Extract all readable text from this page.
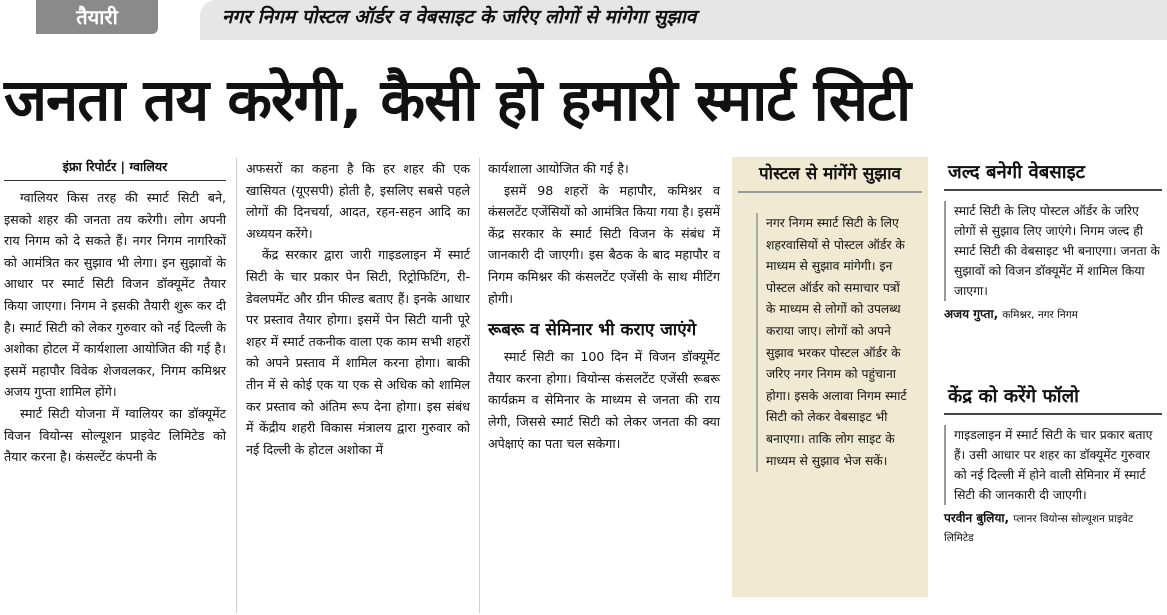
तैयारी	नगर निगम पोस्टल ऑर्डर व वेबसाइट के जरिए लोगों से मांगेगा सुझाव
जनता तय करेगी, कैसी हो हमारी स्मार्ट सिटी
इंफ्रा रिपोर्टर | ग्वालियर

ग्वालियर किस तरह की स्मार्ट सिटी बने, इसको शहर की जनता तय करेगी। लोग अपनी राय निगम को दे सकते हैं। नगर निगम नागरिकों को आमंत्रित कर सुझाव भी लेगा। इन सुझावों के आधार पर स्मार्ट सिटी विजन डॉक्यूमेंट तैयार किया जाएगा। निगम ने इसकी तैयारी शुरू कर दी है। स्मार्ट सिटी को लेकर गुरुवार को नई दिल्ली के अशोका होटल में कार्यशाला आयोजित की गई है। इसमें महापौर विवेक शेजवलकर, निगम कमिश्नर अजय गुप्ता शामिल होंगे।

स्मार्ट सिटी योजना में ग्वालियर का डॉक्यूमेंट विजन वियोन्स सोल्यूशन प्राइवेट लिमिटेड को तैयार करना है। कंसल्टेंट कंपनी के

अफसरों का कहना है कि हर शहर की एक खासियत (यूएसपी) होती है, इसलिए सबसे पहले लोगों की दिनचर्या, आदत, रहन-सहन आदि का अध्ययन करेंगे।

केंद्र सरकार द्वारा जारी गाइडलाइन में स्मार्ट सिटी के चार प्रकार पेन सिटी, रिट्रोफिटिंग, री-डेवलपमेंट और ग्रीन फील्ड बताए हैं। इनके आधार पर प्रस्ताव तैयार होगा। इसमें पेन सिटी यानी पूरे शहर में स्मार्ट तकनीक वाला एक काम सभी शहरों को अपने प्रस्ताव में शामिल करना होगा। बाकी तीन में से कोई एक या एक से अधिक को शामिल कर प्रस्ताव को अंतिम रूप देना होगा। इस संबंध में केंद्रीय शहरी विकास मंत्रालय द्वारा गुरुवार को नई दिल्ली के होटल अशोका में

कार्यशाला आयोजित की गई है।

इसमें 98 शहरों के महापौर, कमिश्नर व कंसलटेंट एजेंसियों को आमंत्रित किया गया है। इसमें केंद्र सरकार के स्मार्ट सिटी विजन के संबंध में जानकारी दी जाएगी। इस बैठक के बाद महापौर व निगम कमिश्नर की कंसलटेंट एजेंसी के साथ मीटिंग होगी।

रूबरू व सेमिनार भी कराए जाएंगे

स्मार्ट सिटी का 100 दिन में विजन डॉक्यूमेंट तैयार करना होगा। वियोन्स कंसलटेंट एजेंसी रूबरू कार्यक्रम व सेमिनार के माध्यम से जनता की राय लेगी, जिससे स्मार्ट सिटी को लेकर जनता की क्या अपेक्षाएं का पता चल सकेगा।

पोस्टल से मांगेंगे सुझाव
नगर निगम स्मार्ट सिटी के लिए शहरवासियों से पोस्टल ऑर्डर के माध्यम से सुझाव मांगेगी। इन पोस्टल ऑर्डर को समाचार पत्रों के माध्यम से लोगों को उपलब्ध कराया जाए। लोगों को अपने सुझाव भरकर पोस्टल ऑर्डर के जरिए नगर निगम को पहुंचाना होगा। इसके अलावा निगम स्मार्ट सिटी को लेकर वेबसाइट भी बनाएगा। ताकि लोग साइट के माध्यम से सुझाव भेज सकें।
जल्द बनेगी वेबसाइट
स्मार्ट सिटी के लिए पोस्टल ऑर्डर के जरिए लोगों से सुझाव लिए जाएंगे। निगम जल्द ही स्मार्ट सिटी की वेबसाइट भी बनाएगा। जनता के सुझावों को विजन डॉक्यूमेंट में शामिल किया जाएगा।
अजय गुप्ता, कमिश्नर, नगर निगम
केंद्र को करेंगे फॉलो
गाइडलाइन में स्मार्ट सिटी के चार प्रकार बताए हैं। उसी आधार पर शहर का डॉक्यूमेंट गुरुवार को नई दिल्ली में होने वाली सेमिनार में स्मार्ट सिटी की जानकारी दी जाएगी।
परवीन बुलिया, प्लानर वियोन्स सोल्यूशन प्राइवेट लिमिटेड
